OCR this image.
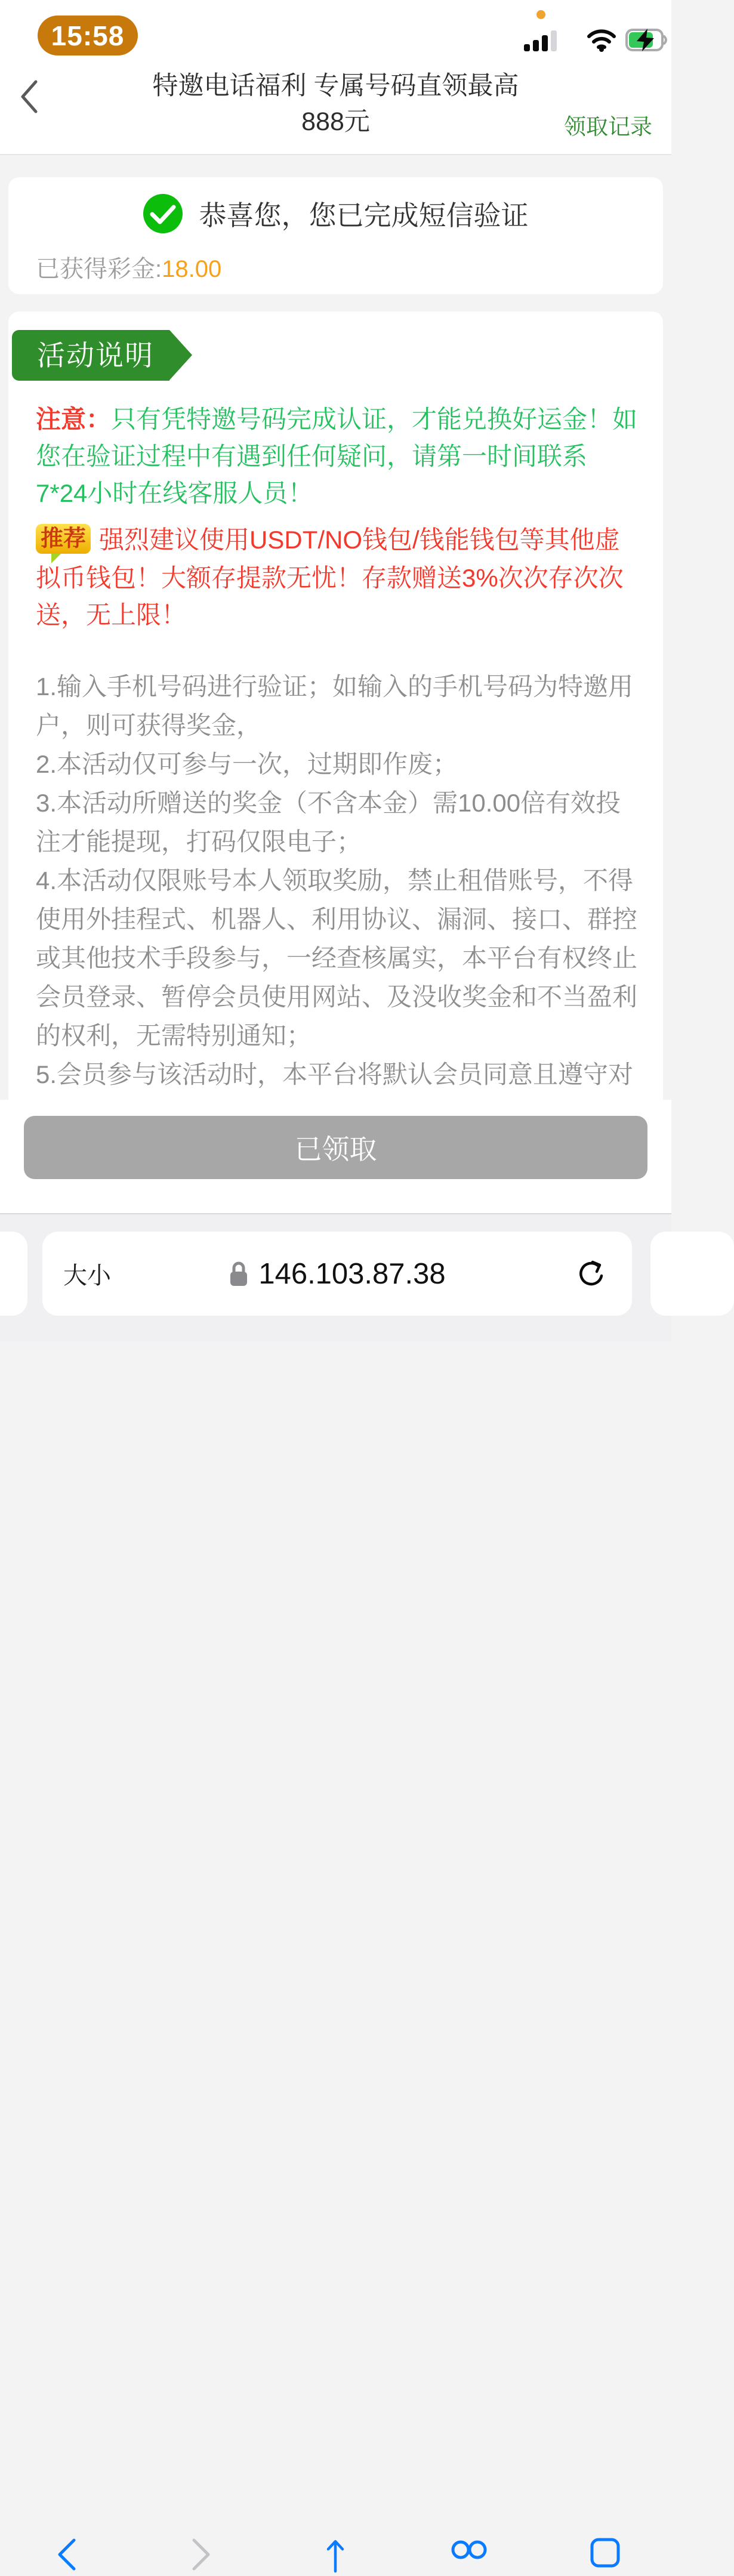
15:58
特邀电话福利 专属号码直领最高888元	领取记录
恭喜您，您已完成短信验证
已获得彩金:18.00
活动说明

注意：只有凭特邀号码完成认证，才能兑换好运金！如您在验证过程中有遇到任何疑问，请第一时间联系7*24小时在线客服人员！

推荐 强烈建议使用USDT/NO钱包/钱能钱包等其他虚拟币钱包！大额存提款无忧！存款赠送3%次次存次次送，无上限！

1.输入手机号码进行验证；如输入的手机号码为特邀用户，则可获得奖金，

2.本活动仅可参与一次，过期即作废；

3.本活动所赠送的奖金（不含本金）需10.00倍有效投注才能提现，打码仅限电子；

4.本活动仅限账号本人领取奖励，禁止租借账号，不得使用外挂程式、机器人、利用协议、漏洞、接口、群控或其他技术手段参与，一经查核属实，本平台有权终止会员登录、暂停会员使用网站、及没收奖金和不当盈利的权利，无需特别通知；

5.会员参与该活动时，本平台将默认会员同意且遵守对

已领取
大小	146.103.87.38
